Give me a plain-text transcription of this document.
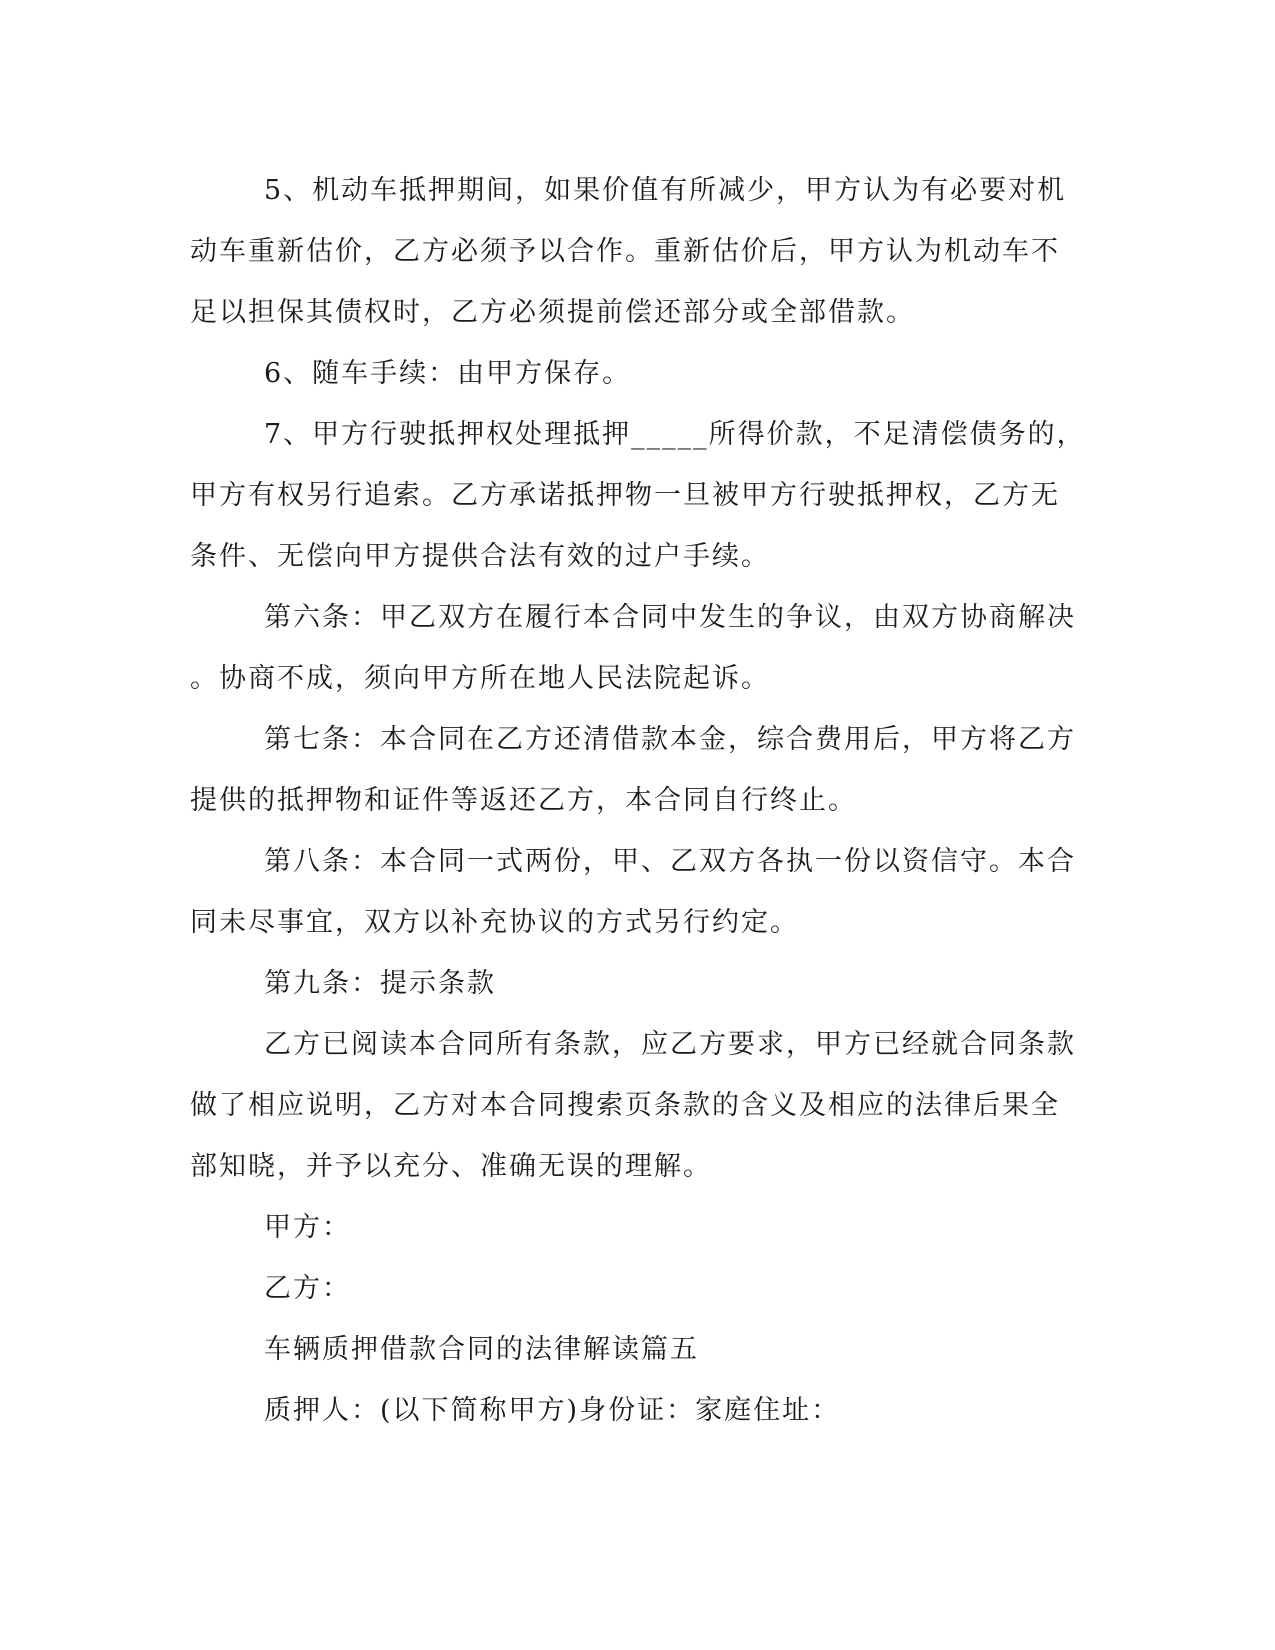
5、机动车抵押期间，如果价值有所减少，甲方认为有必要对机
动车重新估价，乙方必须予以合作。重新估价后，甲方认为机动车不
足以担保其债权时，乙方必须提前偿还部分或全部借款。
6、随车手续：由甲方保存。
7、甲方行驶抵押权处理抵押_____所得价款，不足清偿债务的，
甲方有权另行追索。乙方承诺抵押物一旦被甲方行驶抵押权，乙方无
条件、无偿向甲方提供合法有效的过户手续。
第六条：甲乙双方在履行本合同中发生的争议，由双方协商解决
。协商不成，须向甲方所在地人民法院起诉。
第七条：本合同在乙方还清借款本金，综合费用后，甲方将乙方
提供的抵押物和证件等返还乙方，本合同自行终止。
第八条：本合同一式两份，甲、乙双方各执一份以资信守。本合
同未尽事宜，双方以补充协议的方式另行约定。
第九条：提示条款
乙方已阅读本合同所有条款，应乙方要求，甲方已经就合同条款
做了相应说明，乙方对本合同搜索页条款的含义及相应的法律后果全
部知晓，并予以充分、准确无误的理解。
甲方：
乙方：
车辆质押借款合同的法律解读篇五
质押人：(以下简称甲方)身份证：家庭住址：
